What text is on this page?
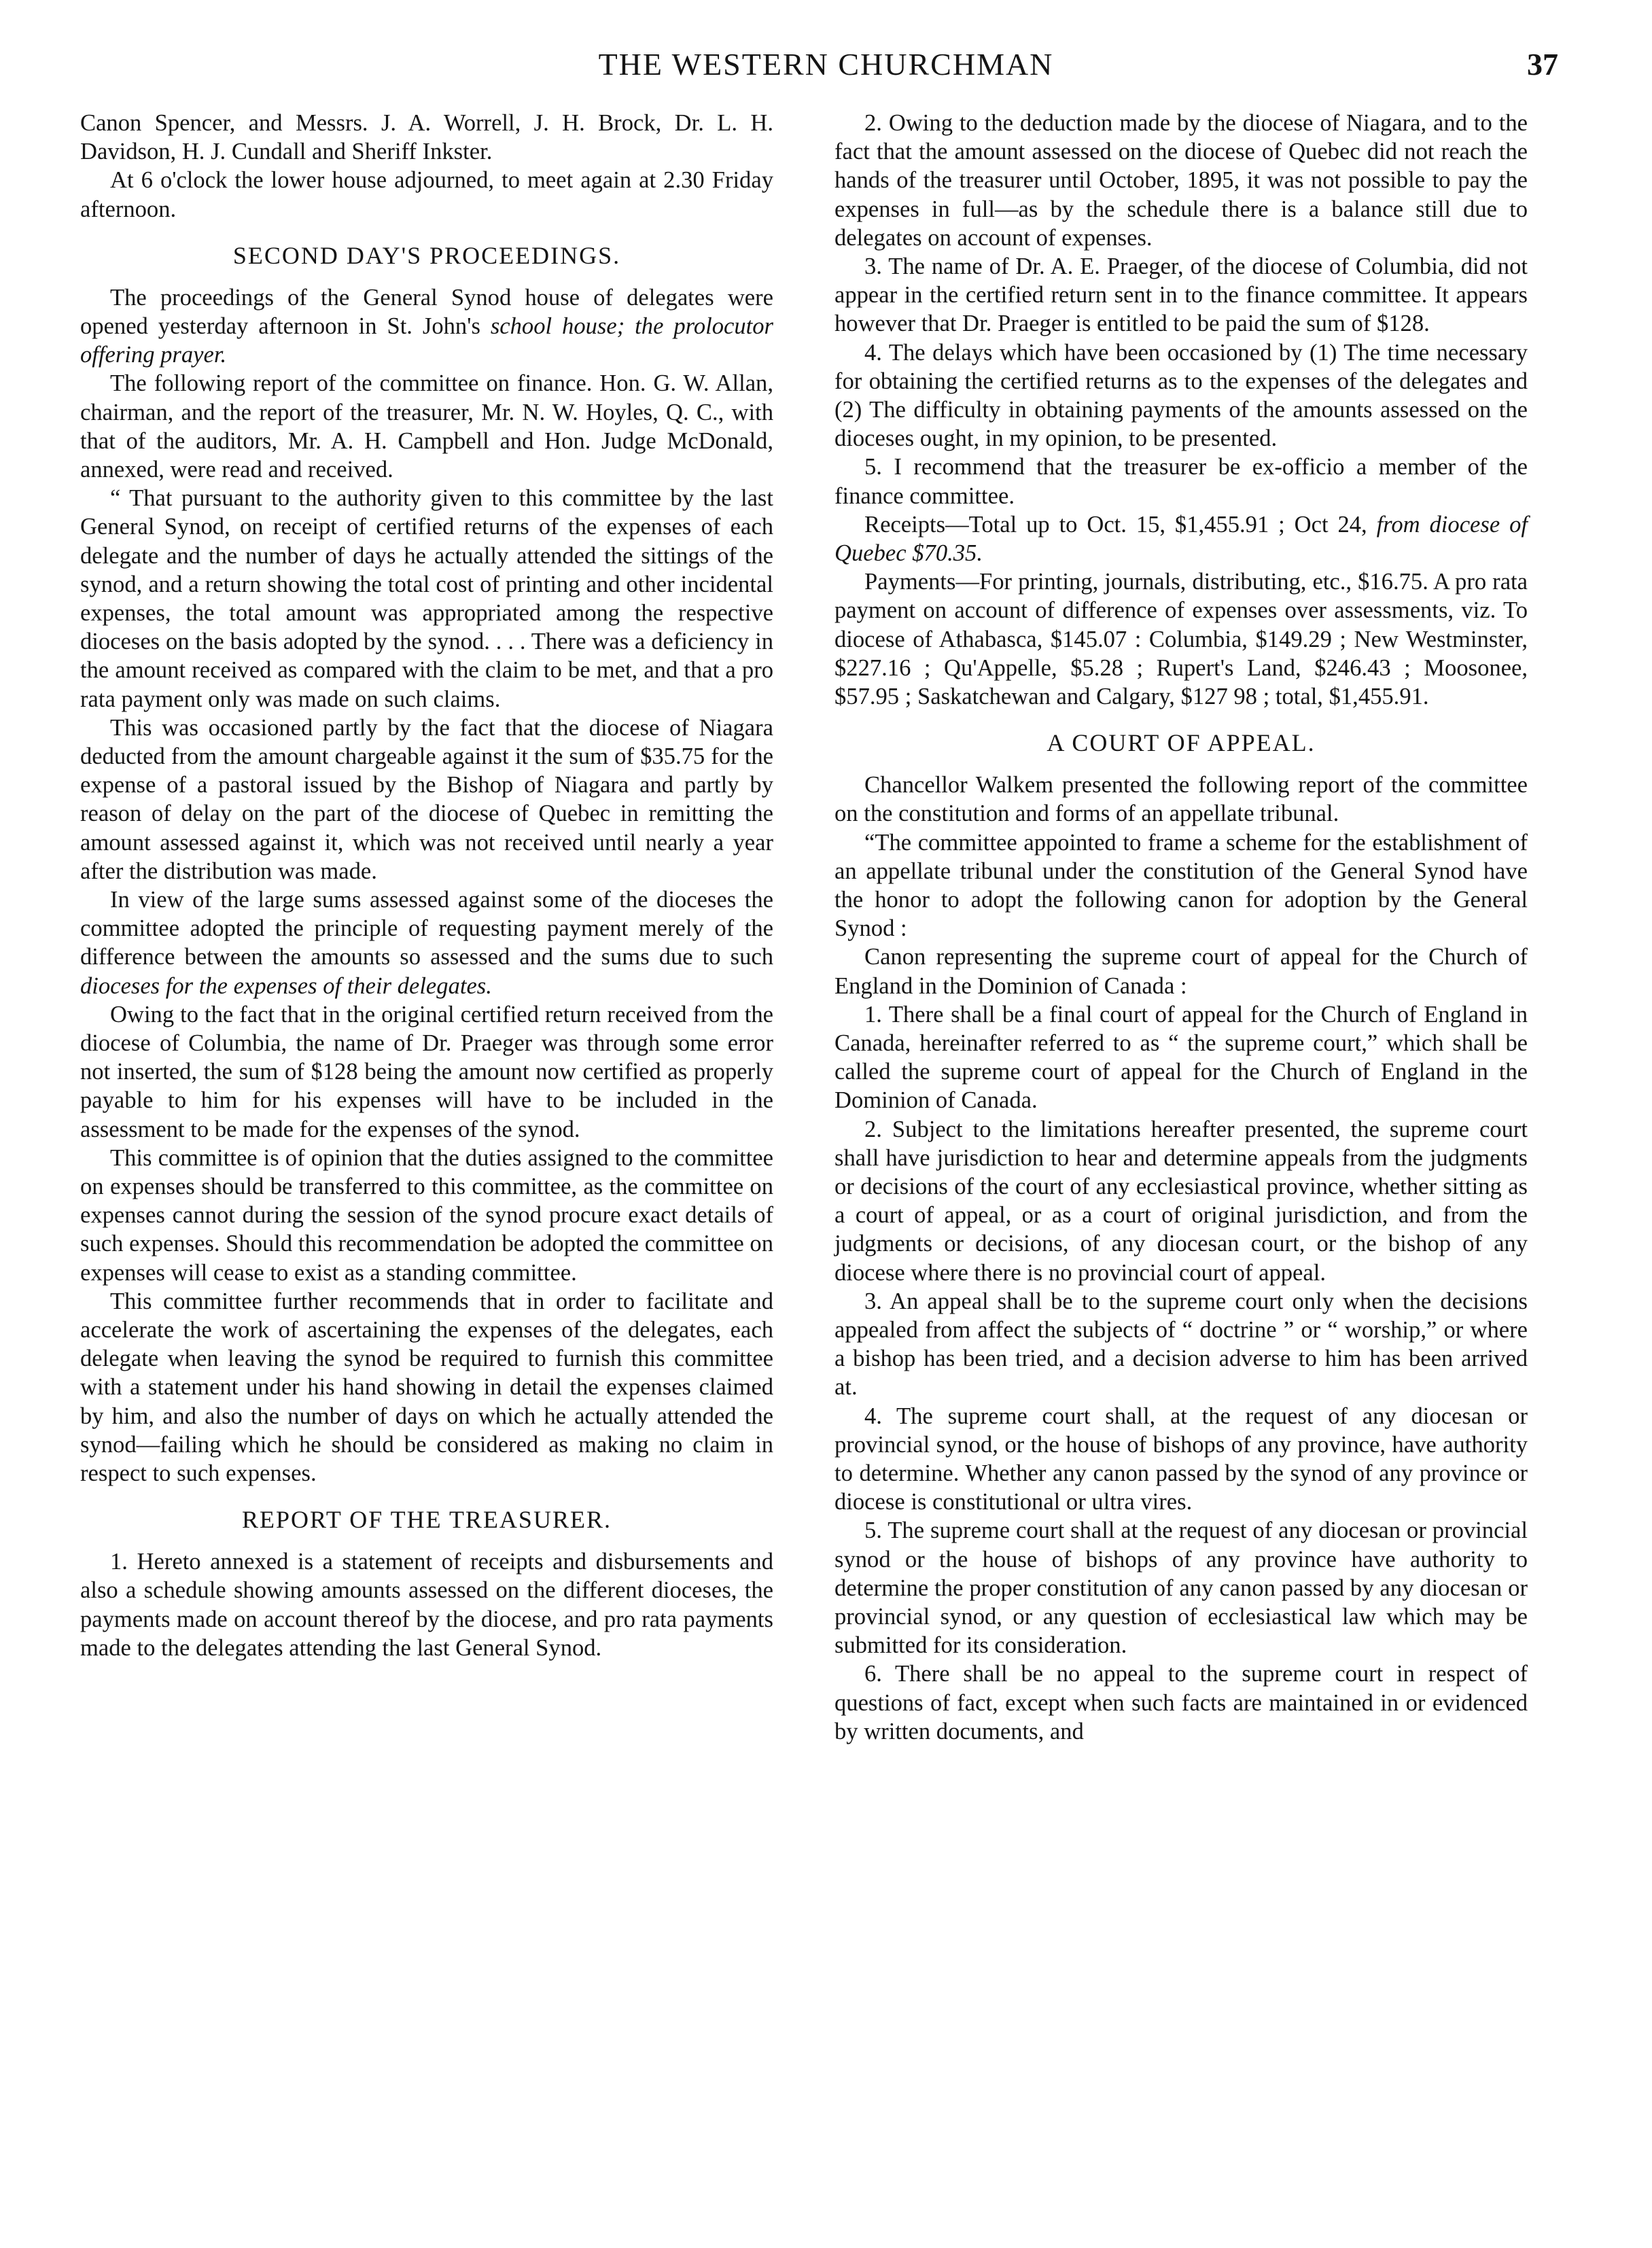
THE WESTERN CHURCHMAN	37

Canon Spencer, and Messrs. J. A. Worrell, J. H. Brock, Dr. L. H. Davidson, H. J. Cundall and Sheriff Inkster.

At 6 o'clock the lower house adjourned, to meet again at 2.30 Friday afternoon.

SECOND DAY'S PROCEEDINGS.

The proceedings of the General Synod house of delegates were opened yesterday afternoon in St. John's school house; the prolocutor offering prayer.

The following report of the committee on finance. Hon. G. W. Allan, chairman, and the report of the treasurer, Mr. N. W. Hoyles, Q. C., with that of the auditors, Mr. A. H. Campbell and Hon. Judge McDonald, annexed, were read and received.

“ That pursuant to the authority given to this committee by the last General Synod, on receipt of certified returns of the expenses of each delegate and the number of days he actually attended the sittings of the synod, and a return showing the total cost of printing and other incidental expenses, the total amount was appropriated among the respective dioceses on the basis adopted by the synod. . . . There was a deficiency in the amount received as compared with the claim to be met, and that a pro rata payment only was made on such claims.

This was occasioned partly by the fact that the diocese of Niagara deducted from the amount chargeable against it the sum of $35.75 for the expense of a pastoral issued by the Bishop of Niagara and partly by reason of delay on the part of the diocese of Quebec in remitting the amount assessed against it, which was not received until nearly a year after the distribution was made.

In view of the large sums assessed against some of the dioceses the committee adopted the principle of requesting payment merely of the difference between the amounts so assessed and the sums due to such dioceses for the expenses of their delegates.

Owing to the fact that in the original certified return received from the diocese of Columbia, the name of Dr. Praeger was through some error not inserted, the sum of $128 being the amount now certified as properly payable to him for his expenses will have to be included in the assessment to be made for the expenses of the synod.

This committee is of opinion that the duties assigned to the committee on expenses should be transferred to this committee, as the committee on expenses cannot during the session of the synod procure exact details of such expenses. Should this recommendation be adopted the committee on expenses will cease to exist as a standing committee.

This committee further recommends that in order to facilitate and accelerate the work of ascertaining the expenses of the delegates, each delegate when leaving the synod be required to furnish this committee with a statement under his hand showing in detail the expenses claimed by him, and also the number of days on which he actually attended the synod—failing which he should be considered as making no claim in respect to such expenses.

REPORT OF THE TREASURER.

1. Hereto annexed is a statement of receipts and disbursements and also a schedule showing amounts assessed on the different dioceses, the payments made on account thereof by the diocese, and pro rata payments made to the delegates attending the last General Synod.

2. Owing to the deduction made by the diocese of Niagara, and to the fact that the amount assessed on the diocese of Quebec did not reach the hands of the treasurer until October, 1895, it was not possible to pay the expenses in full—as by the schedule there is a balance still due to delegates on account of expenses.

3. The name of Dr. A. E. Praeger, of the diocese of Columbia, did not appear in the certified return sent in to the finance committee. It appears however that Dr. Praeger is entitled to be paid the sum of $128.

4. The delays which have been occasioned by (1) The time necessary for obtaining the certified returns as to the expenses of the delegates and (2) The difficulty in obtaining payments of the amounts assessed on the dioceses ought, in my opinion, to be presented.

5. I recommend that the treasurer be ex-officio a member of the finance committee.

Receipts—Total up to Oct. 15, $1,455.91 ; Oct 24, from diocese of Quebec $70.35.

Payments—For printing, journals, distributing, etc., $16.75. A pro rata payment on account of difference of expenses over assessments, viz. To diocese of Athabasca, $145.07 : Columbia, $149.29 ; New Westminster, $227.16 ; Qu'Appelle, $5.28 ; Rupert's Land, $246.43 ; Moosonee, $57.95 ; Saskatchewan and Calgary, $127 98 ; total, $1,455.91.

A COURT OF APPEAL.

Chancellor Walkem presented the following report of the committee on the constitution and forms of an appellate tribunal.

“The committee appointed to frame a scheme for the establishment of an appellate tribunal under the constitution of the General Synod have the honor to adopt the following canon for adoption by the General Synod :

Canon representing the supreme court of appeal for the Church of England in the Dominion of Canada :

1. There shall be a final court of appeal for the Church of England in Canada, hereinafter referred to as “ the supreme court,” which shall be called the supreme court of appeal for the Church of England in the Dominion of Canada.

2. Subject to the limitations hereafter presented, the supreme court shall have jurisdiction to hear and determine appeals from the judgments or decisions of the court of any ecclesiastical province, whether sitting as a court of appeal, or as a court of original jurisdiction, and from the judgments or decisions, of any diocesan court, or the bishop of any diocese where there is no provincial court of appeal.

3. An appeal shall be to the supreme court only when the decisions appealed from affect the subjects of “ doctrine ” or “ worship,” or where a bishop has been tried, and a decision adverse to him has been arrived at.

4. The supreme court shall, at the request of any diocesan or provincial synod, or the house of bishops of any province, have authority to determine. Whether any canon passed by the synod of any province or diocese is constitutional or ultra vires.

5. The supreme court shall at the request of any diocesan or provincial synod or the house of bishops of any province have authority to determine the proper constitution of any canon passed by any diocesan or provincial synod, or any question of ecclesiastical law which may be submitted for its consideration.

6. There shall be no appeal to the supreme court in respect of questions of fact, except when such facts are maintained in or evidenced by written documents, and
